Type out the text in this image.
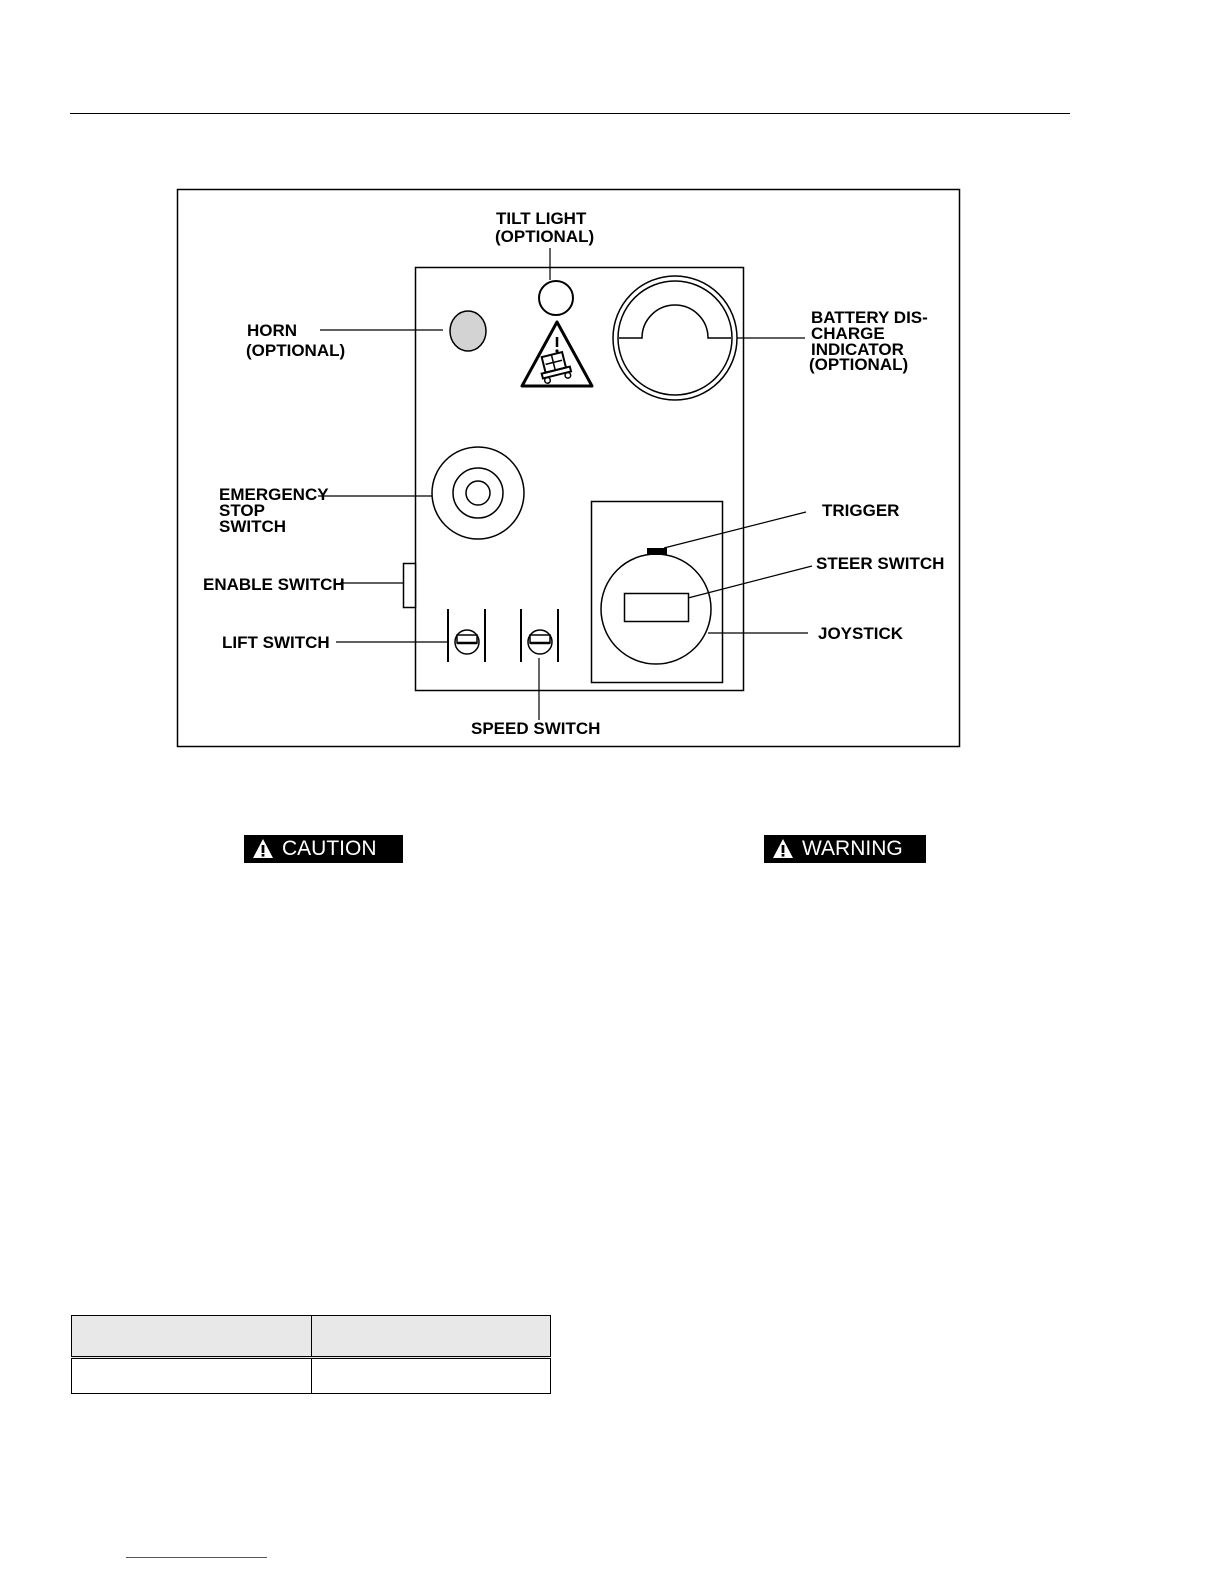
TILT LIGHT
(OPTIONAL)
HORN
(OPTIONAL)
BATTERY DIS-
CHARGE
INDICATOR
(OPTIONAL)
EMERGENCY
STOP
SWITCH
ENABLE SWITCH
LIFT SWITCH
SPEED SWITCH
TRIGGER
STEER SWITCH
JOYSTICK
CAUTION	WARNING
